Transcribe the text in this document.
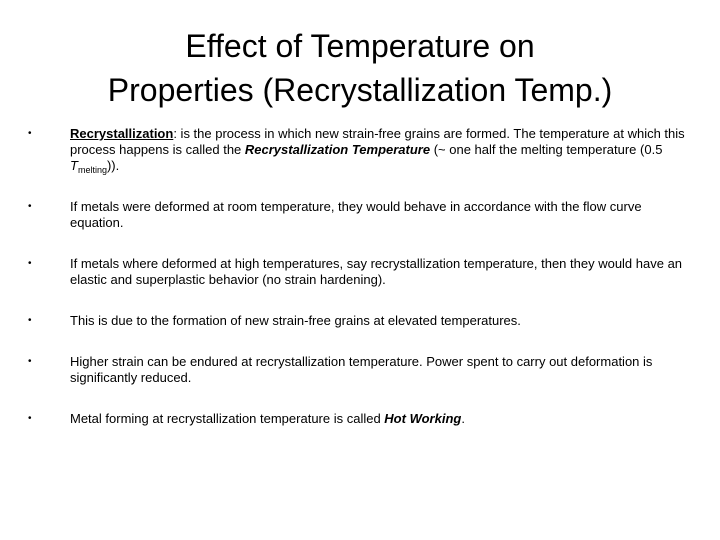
Effect of Temperature on
Properties (Recrystallization Temp.)
•	Recrystallization: is the process in which new strain-free grains are formed. The temperature at which this process happens is called the Recrystallization Temperature (~ one half the melting temperature (0.5 $T_{melting}$)).
•	If metals were deformed at room temperature, they would behave in accordance with the flow curve equation.
•	If metals where deformed at high temperatures, say recrystallization temperature, then they would have an elastic and superplastic behavior (no strain hardening).
•	This is due to the formation of new strain-free grains at elevated temperatures.
•	Higher strain can be endured at recrystallization temperature. Power spent to carry out deformation is significantly reduced.
•	Metal forming at recrystallization temperature is called Hot Working.
